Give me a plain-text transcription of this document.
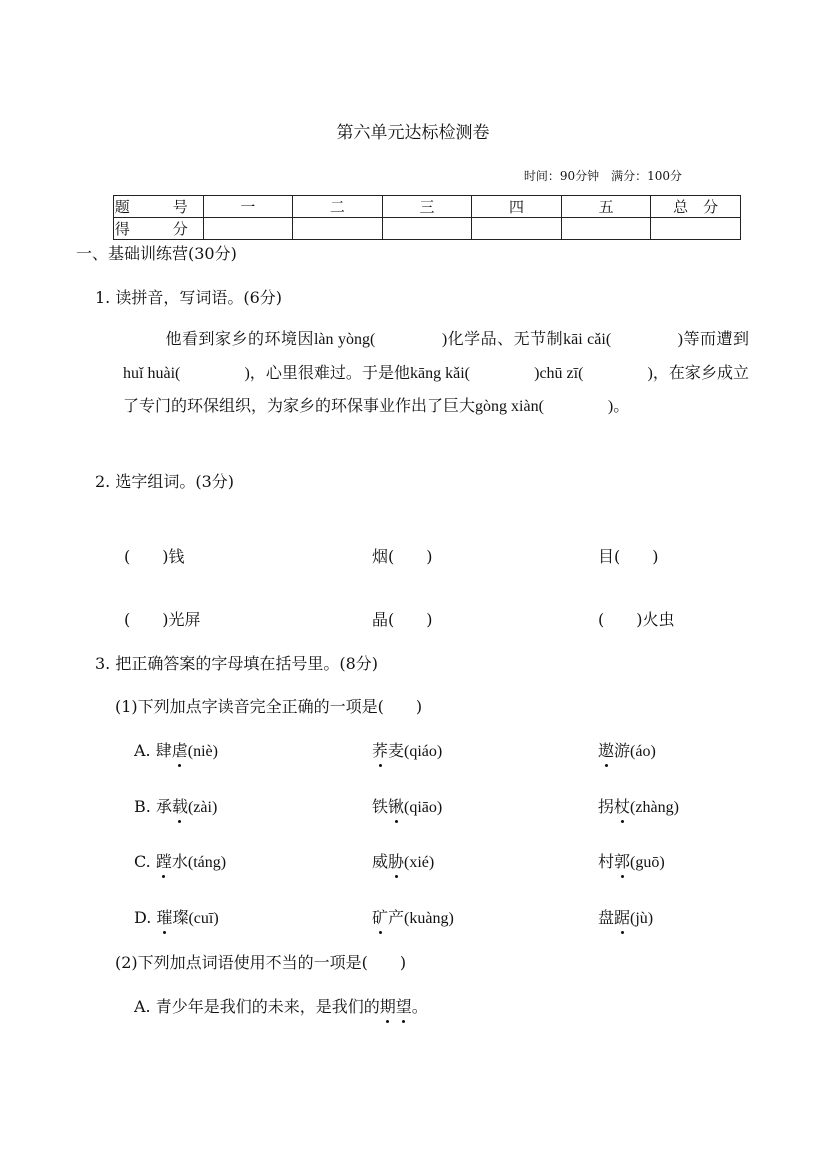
第六单元达标检测卷
时间：90分钟　满分：100分
题　号	一	二	三	四	五	总　分
得　分						
一、基础训练营(30分)
1. 读拼音，写词语。(6分)
他看到家乡的环境因làn yòng(　　　　)化学品、无节制kāi cǎi(　　　　)等而遭到huǐ huài(　　　　)，心里很难过。于是他kāng kǎi(　　　　)chū zī(　　　　)，在家乡成立了专门的环保组织，为家乡的环保事业作出了巨大gòng xiàn(　　　　)。
2. 选字组词。(3分)
(　　)钱	烟(　　)	目(　　)
(　　)光屏	晶(　　)	(　　)火虫
3. 把正确答案的字母填在括号里。(8分)
(1)下列加点字读音完全正确的一项是(　　)
A. 肆虐(niè)	荞麦(qiáo)	遨游(áo)
B. 承载(zài)	铁锹(qiāo)	拐杖(zhàng)
C. 蹚水(táng)	威胁(xié)	村郭(guō)
D. 璀璨(cuī)	矿产(kuàng)	盘踞(jù)
(2)下列加点词语使用不当的一项是(　　)
A. 青少年是我们的未来，是我们的期望。
